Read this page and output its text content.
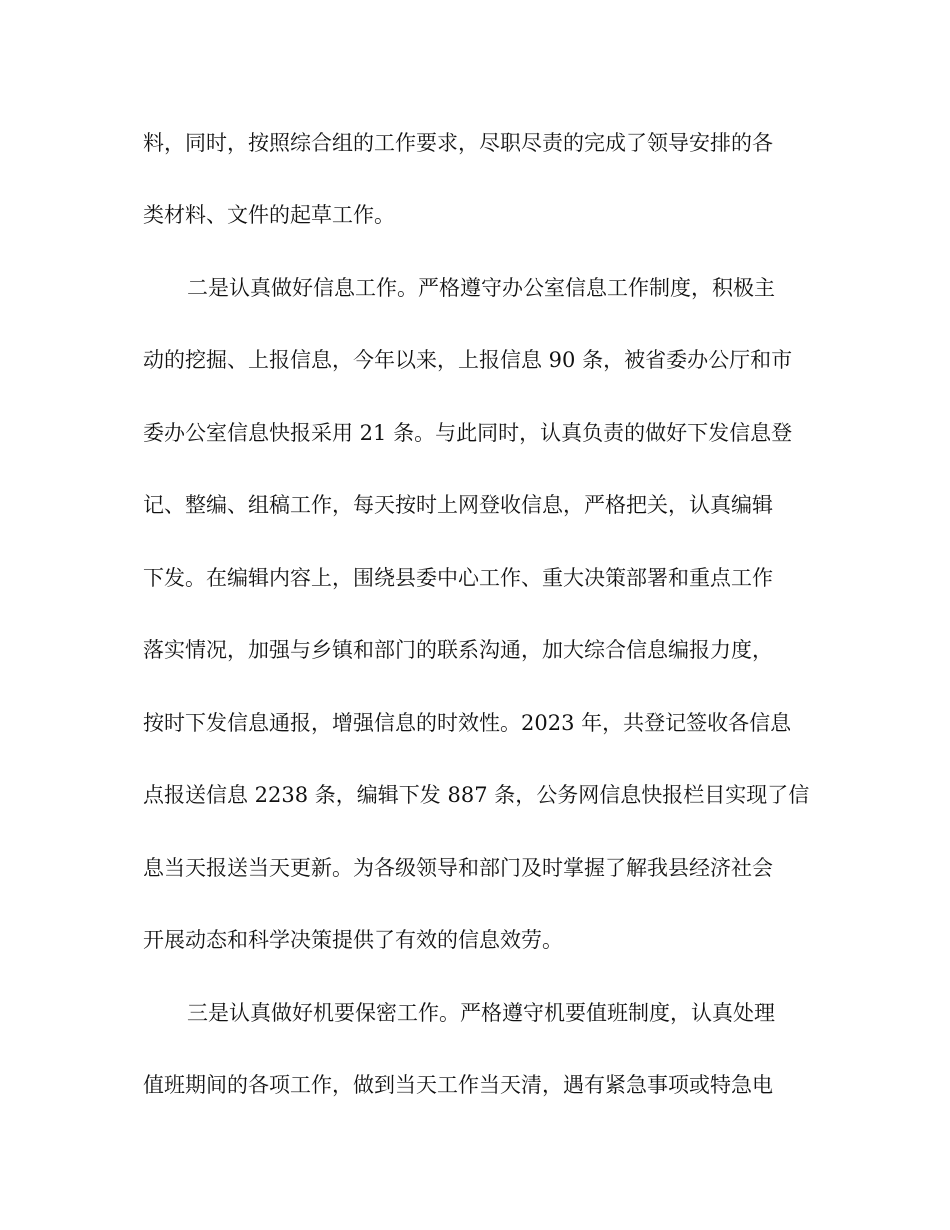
料，同时，按照综合组的工作要求，尽职尽责的完成了领导安排的各
类材料、文件的起草工作。
二是认真做好信息工作。严格遵守办公室信息工作制度，积极主
动的挖掘、上报信息，今年以来，上报信息 90 条，被省委办公厅和市
委办公室信息快报采用 21 条。与此同时，认真负责的做好下发信息登
记、整编、组稿工作，每天按时上网登收信息，严格把关，认真编辑
下发。在编辑内容上，围绕县委中心工作、重大决策部署和重点工作
落实情况，加强与乡镇和部门的联系沟通，加大综合信息编报力度，
按时下发信息通报，增强信息的时效性。2023 年，共登记签收各信息
点报送信息 2238 条，编辑下发 887 条，公务网信息快报栏目实现了信
息当天报送当天更新。为各级领导和部门及时掌握了解我县经济社会
开展动态和科学决策提供了有效的信息效劳。
三是认真做好机要保密工作。严格遵守机要值班制度，认真处理
值班期间的各项工作，做到当天工作当天清，遇有紧急事项或特急电
